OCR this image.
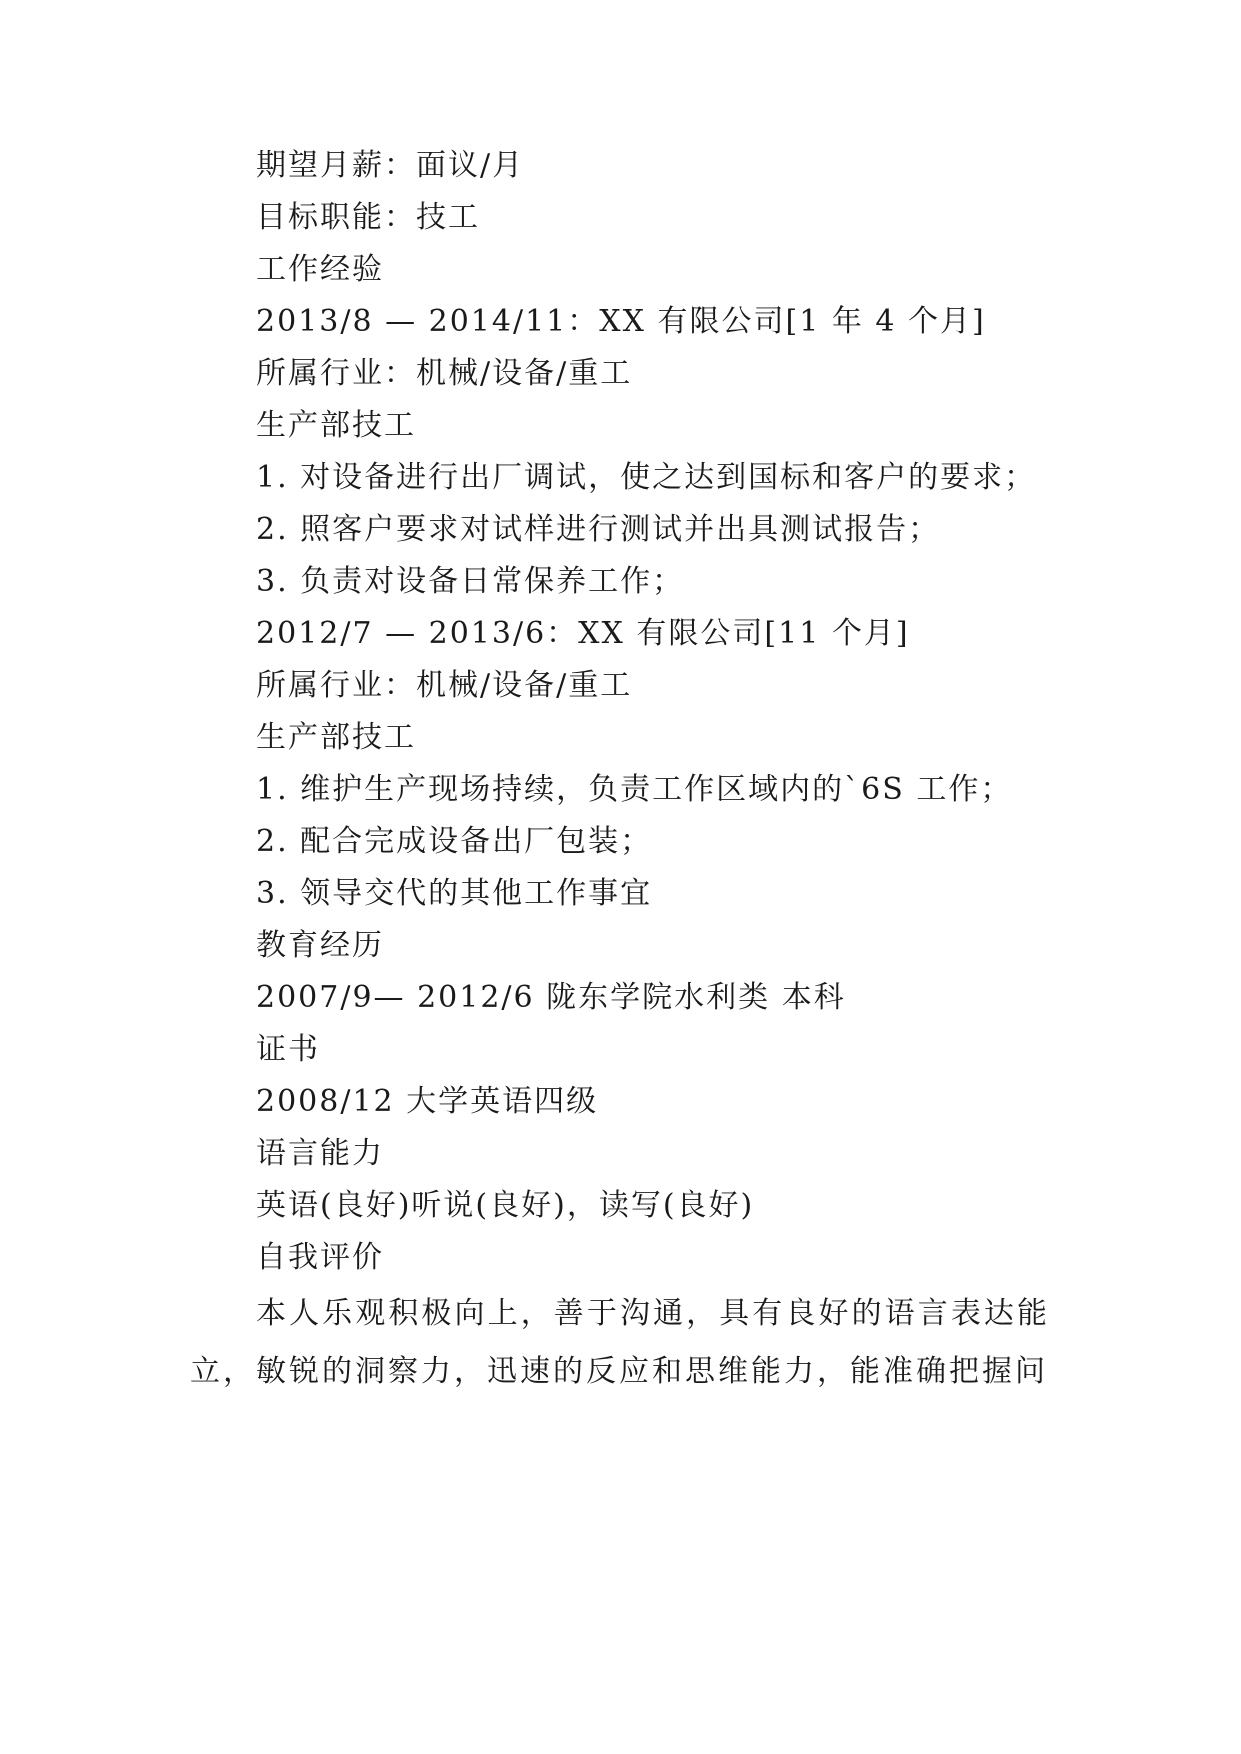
期望月薪：面议/月
目标职能：技工
工作经验
2013/8 — 2014/11：XX 有限公司[1 年 4 个月]
所属行业：机械/设备/重工
生产部技工
1. 对设备进行出厂调试，使之达到国标和客户的要求；
2. 照客户要求对试样进行测试并出具测试报告；
3. 负责对设备日常保养工作；
2012/7 — 2013/6：XX 有限公司[11 个月]
所属行业：机械/设备/重工
生产部技工
1. 维护生产现场持续，负责工作区域内的`6S 工作；
2. 配合完成设备出厂包装；
3. 领导交代的其他工作事宜
教育经历
2007/9— 2012/6 陇东学院水利类 本科
证书
2008/12 大学英语四级
语言能力
英语(良好)听说(良好)，读写(良好)
自我评价
本人乐观积极向上，善于沟通，具有良好的语言表达能立，敏锐的洞察力，迅速的反应和思维能力，能准确把握问
